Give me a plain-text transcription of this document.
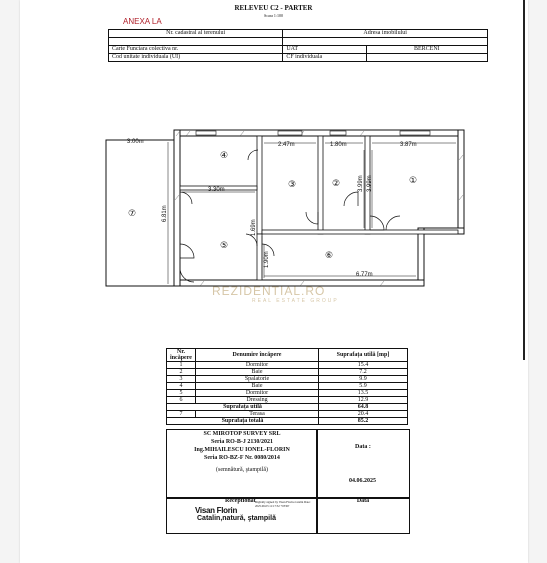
RELEVEU C2 - PARTER
Scara 1:100
ANEXA LA
Nr. cadastral al terenului	Adresa imobilului	

Carte Funciara colectiva nr.	UAT	BERCENI
Cod unitate individuala (UI)	CF individuala	
3.00m	2.47m	1.80m	3.87m
3.30m
6.81m
3.99m 3.99m
1.69m
6.77m
1.90m
①
②
③
④
⑤
⑥
⑦
REZIDENTIAL.RO
REAL ESTATE GROUP
Nr. încăpere	Denumire încăpere	Suprafața utilă [mp]
1	Dormitor	15.4
2	Baie	7.2
3	Spalatorie	9.9
4	Baie	5.9
5	Dormitor	13.5
6	Dressing	12.9
Suprafața utilă		64.8
7	Terasa	20.4
Suprafața totală		85.2
SC MIROTOP SURVEY SRL
Seria RO-B-J 2130/2021
Ing.MIHAILESCU IONEL-FLORIN
Seria RO-BZ-F Nr. 0080/2014
(semnătură, ştampilă)
Data :
04.06.2025
Receptionat
Visan Florin
Digitally signed by Visan Florin-Catalin Date: 2025.06.03 11:17:52 +03'00'
Catalin,natură, ştampilă
Data
